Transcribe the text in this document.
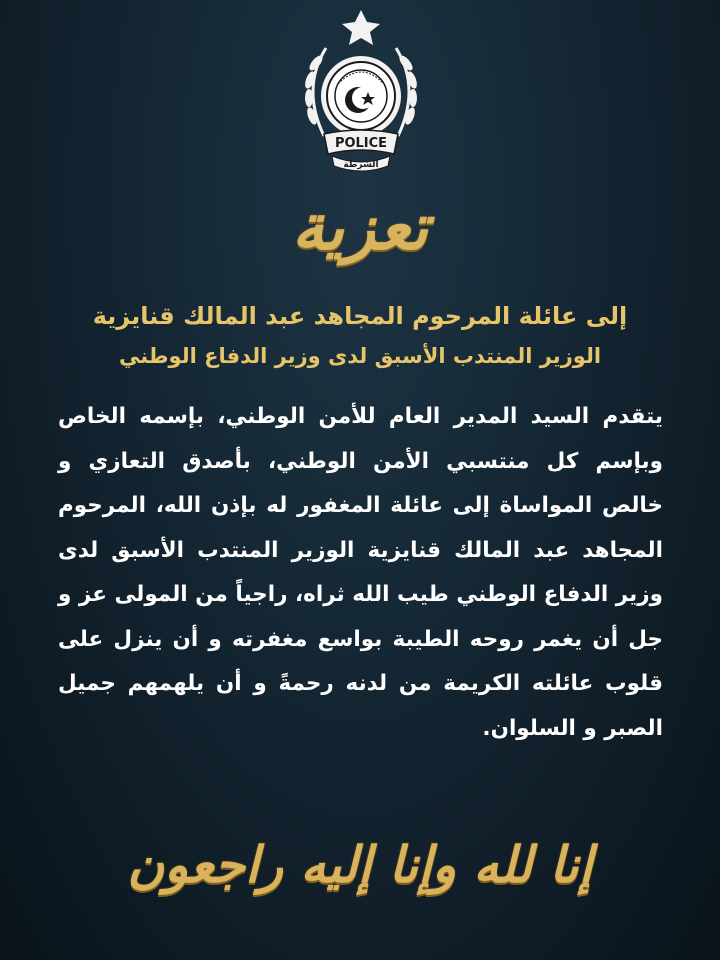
POLICE
الشرطة
تعزية
إلى عائلة المرحوم المجاهد عبد المالك قنايزية
الوزير المنتدب الأسبق لدى وزير الدفاع الوطني
يتقدم السيد المدير العام للأمن الوطني، بإسمه الخاص وبإسم كل منتسبي الأمن الوطني، بأصدق التعازي و خالص المواساة إلى عائلة المغفور له بإذن الله، المرحوم المجاهد عبد المالك قنايزية الوزير المنتدب الأسبق لدى وزير الدفاع الوطني طيب الله ثراه، راجياً من المولى عز و جل أن يغمر روحه الطيبة بواسع مغفرته و أن ينزل على قلوب عائلته الكريمة من لدنه رحمةً و أن يلهمهم جميل الصبر و السلوان.
إنا لله وإنا إليه راجعون
